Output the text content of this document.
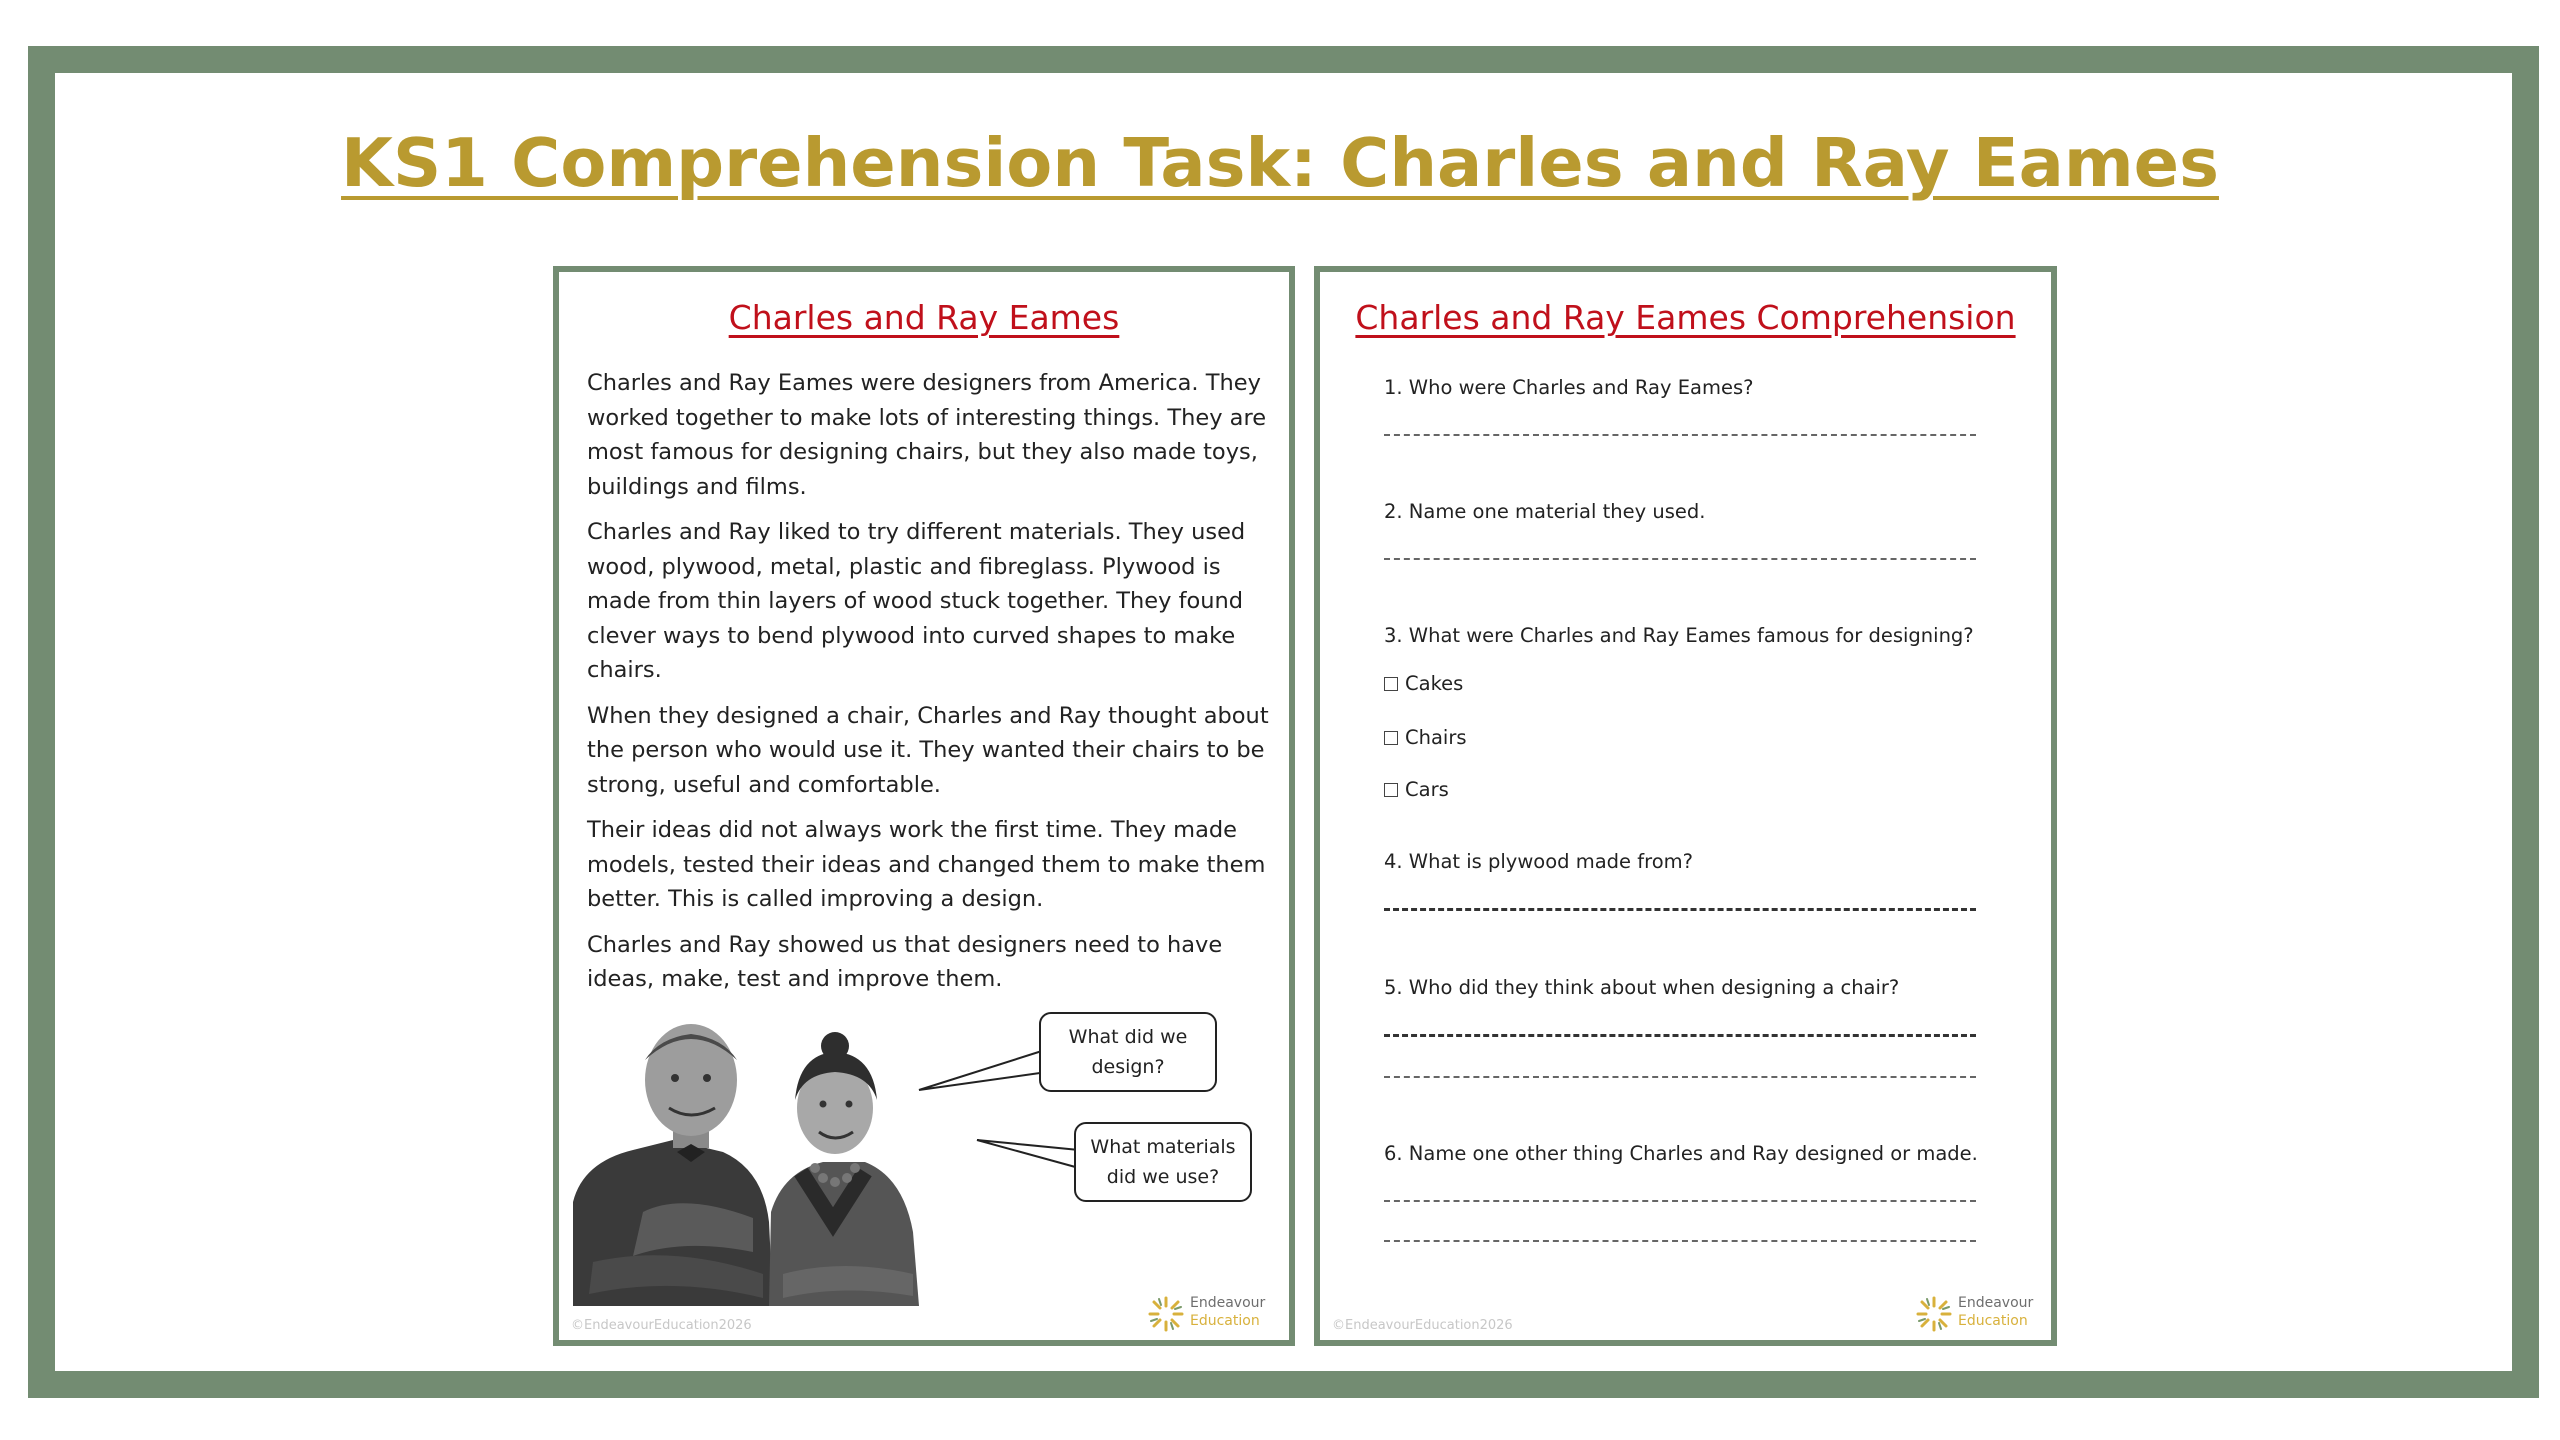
KS1 Comprehension Task: Charles and Ray Eames
Charles and Ray Eames

Charles and Ray Eames were designers from America. They worked together to make lots of interesting things. They are most famous for designing chairs, but they also made toys, buildings and films.

Charles and Ray liked to try different materials. They used wood, plywood, metal, plastic and fibreglass. Plywood is made from thin layers of wood stuck together. They found clever ways to bend plywood into curved shapes to make chairs.

When they designed a chair, Charles and Ray thought about the person who would use it. They wanted their chairs to be strong, useful and comfortable.

Their ideas did not always work the first time. They made models, tested their ideas and changed them to make them better. This is called improving a design.

Charles and Ray showed us that designers need to have ideas, make, test and improve them.

What did we design?
What materials did we use?
©EndeavourEducation2026
Endeavour
Education
Charles and Ray Eames Comprehension
1. Who were Charles and Ray Eames?
2. Name one material they used.
3. What were Charles and Ray Eames famous for designing?
Cakes
Chairs
Cars
4. What is plywood made from?
5. Who did they think about when designing a chair?
6. Name one other thing Charles and Ray designed or made.
©EndeavourEducation2026
Endeavour
Education
